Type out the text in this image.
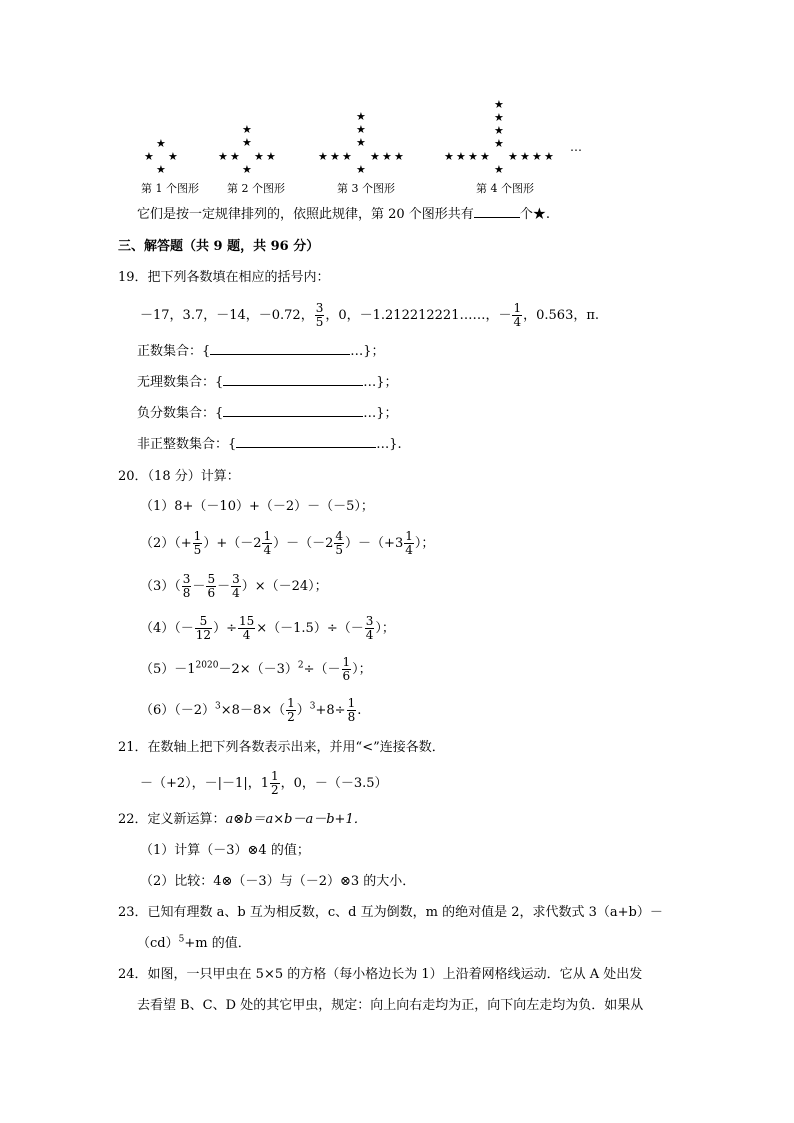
★
★ ★
★
★
★
★ ★ ★ ★
★
★
★
★
★ ★ ★ ★ ★ ★
★
★
★
★
★
★ ★ ★ ★ ★ ★ ★ ★
★
…
第 1 个图形	第 2 个图形	第 3 个图形	第 4 个图形
它们是按一定规律排列的，依照此规律，第 20 个图形共有	个★.
三、解答题（共 9 题，共 96 分）
19．把下列各数填在相应的括号内：
－17，3.7，－14，－0.72， $\frac{3}{5}$ ，0，－1.212212221……，－ $\frac{1}{4}$ ，0.563，π.
正数集合：{	…}；
无理数集合：{	…}；
负分数集合：{	…}；
非正整数集合：{	…}.
20．（18 分）计算：
（1）8+（－10）+（－2）－（－5）；
$(2)(+ \frac{1}{5} )+(-2 \frac{1}{4} )-(-2 \frac{4}{5} )-(+3 \frac{1}{4}$ ）；
$(3)( \frac{3}{8} - \frac{5}{6} - \frac{3}{4} )\times(-24)$；
$(4)(- \frac{5}{12}$ ）÷ $\frac{15}{4} \times(-1.5)\div(- \frac{3}{4}$ ）；
$(5)-1^{2020}-2\times(-3)^2\div(- \frac{1}{6}$ ）；
$(6)(-2)^3\times 8-8\times( \frac{1}{2} )^3+8\div \frac{1}{8}$ .
21．在数轴上把下列各数表示出来，并用“<”连接各数．
－（+2），－|－1|，$1 \frac{1}{2}$ ，0，－（－3.5）
22．定义新运算：a⊗b＝a×b－a－b+1．
（1）计算（－3）⊗4 的值；
（2）比较：4⊗（－3）与（－2）⊗3 的大小．
23．已知有理数 a、b 互为相反数，c、d 互为倒数，m 的绝对值是 2，求代数式 3（a+b）－
（cd）$^5$+m 的值．
24．如图，一只甲虫在 5×5 的方格（每小格边长为 1）上沿着网格线运动．它从 A 处出发
去看望 B、C、D 处的其它甲虫，规定：向上向右走均为正，向下向左走均为负．如果从
